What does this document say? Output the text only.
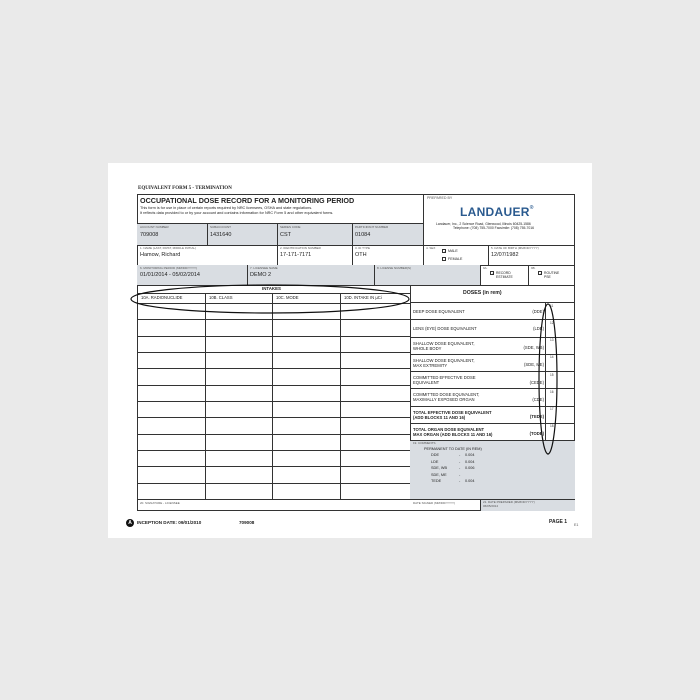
EQUIVALENT FORM 5 - TERMINATION
OCCUPATIONAL DOSE RECORD FOR A MONITORING PERIOD
This form is for use in place of certain reports required by NRC licensees, OSHA and state regulations.
It reflects data provided to or by your account and contains information for NRC Form 5 and other equivalent forms.
PREPARED BY
LANDAUER®
Landauer, Inc., 2 Science Road, Glenwood, Illinois 60425-1586
Telephone: (708) 755-7000 Facsimile: (708) 755-7016
ACCOUNT NUMBER
709008
SUBACCOUNT
1431640
SERIES CODE
CST
PARTICIPANT NUMBER
01084
1. NAME (LAST, FIRST, MIDDLE INITIAL)
Hamow, Richard
2. IDENTIFICATION NUMBER
17-171-7171
3. ID TYPE
OTH
4. SEX
✓ MALE
FEMALE
5. DATE OF BIRTH (MM/DD/YYYY)
12/07/1982
6. MONITORING PERIOD (MM/DD/YYYY)
01/01/2014 - 05/02/2014
7. LICENSEE NAME
DEMO 2
8. LICENSE NUMBER(S)	9A.
✓ RECORD
ESTIMATE
9B.
✓ ROUTINE
PSE
INTAKES
DOSES (in rem)
10A. RADIONUCLIDE	10B. CLASS	10C. MODE	10D. INTAKE IN µCi
DEEP DOSE EQUIVALENT	(DDE)
11
LENS (EYE) DOSE EQUIVALENT	(LDE)
12
SHALLOW DOSE EQUIVALENT,
WHOLE BODY	(SDE, WB)
13
SHALLOW DOSE EQUIVALENT,
MAX EXTREMITY	(SDE, ME)
14
COMMITTED EFFECTIVE DOSE
EQUIVALENT	(CEDE)
15
COMMITTED DOSE EQUIVALENT,
MAXIMALLY EXPOSED ORGAN	(CDE)
16
TOTAL EFFECTIVE DOSE EQUIVALENT
(ADD BLOCKS 11 AND 16)	(TEDE)
17
TOTAL ORGAN DOSE EQUIVALENT
MAX ORGAN (ADD BLOCKS 11 AND 16)	(TODE)
18
19. COMMENTS
PERMANENT TO DATE (IN REM)
DDE	- 0.004
LDE	- 0.004
SDE, WB	- 0.006
SDE, ME	-
TEDE	- 0.004
20. SIGNATURE - LICENSEE	DATE SIGNED (MM/DD/YYYY)	21. DATE PREPARED (MM/DD/YYYY)
06/05/2014
A	INCEPTION DATE: 09/01/2010	709008	PAGE 1 E1
